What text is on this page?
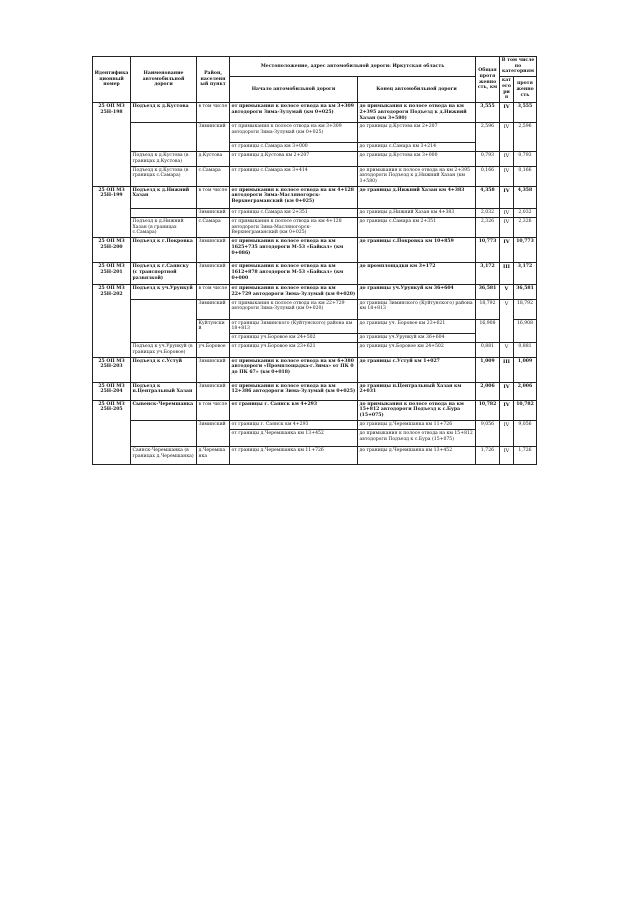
Идентифика ционный номер	Наименование автомобильной дороги	Район, населенный пункт	Местоположение, адрес автомобильной дороги: Иркутская область		Общая протяженно сть, км	В том числе по категориям	
			Начало автомобильной дороги	Конец автомобильной дороги		категори я	протяженно сть
25 ОП МЗ 25Н-198	Подъезд к д.Кустова	в том числе	от примыкания к полосе отвода на км 3+309 автодороги Зима-Зулумай (км 0+025)	до примыкания к полосе отвода на км 2+395 автодороги Подъезд к д.Нижний Хазан (км 3+580)	3,555	IV	3,555
		Зиминский	от примыкания к полосе отвода на км 3+309 автодороги Зима-Зулумай (км 0+025)	до границы д.Кустова км 2+207	2,596	IV	2,596
			от границы с.Самара км 3+000	до границы с.Самара км 3+214			
	Подъезд к д.Кустова (в границах д.Кустова)	д.Кустова	от границы д.Кустова км 2+207	до границы д.Кустова км 3+000	0,793	IV	0,793
	Подъезд к д.Кустова (в границах с.Самара)	с.Самара	от границы с.Самара км 3+414	до примыкания к полосе отвода на км 2+395 автодороги Подъезд к д.Нижний Хазан (км 3+580)	0,166	IV	0,166
25 ОП МЗ 25Н-199	Подъезд к д.Нижний Хазан	в том числе	от примыкания к полосе отвода на км 4+128 автодороги Зима-Масляногорск-Верхнеграманский (км 0+025)	до границы д.Нижний Хазан км 4+383	4,358	IV	4,358
		Зиминский	от границы с.Самара км 2+351	до границы д.Нижний Хазан км 4+383	2,032	IV	2,032
	Подъезд к д.Нижний Хазан (в границах с.Самара)	с.Самара	от примыкания к полосе отвода на км 4+128 автодороги Зима-Масляногорск-Верхнеграманский (км 0+025)	до границы с.Самара км 2+351	2,326	IV	2,326
25 ОП МЗ 25Н-200	Подъезд к г.Покровка	Зиминский	от примыкания к полосе отвода на км 1625+735 автодороги М-53 «Байкал» (км 0+086)	до границы с.Покровка км 10+859	10,773	IV	10,773
25 ОП МЗ 25Н-201	Подъезд к г.Саянску (с транспортной развязкой)	Зиминский	от примыкания к полосе отвода на км 1612+878 автодороги М-53 «Байкал» (км 0+000	до промплощадки км 3+172	3,172	III	3,172
25 ОП МЗ 25Н-202	Подъезд к уч.Урункуй	в том числе	от примыкания к полосе отвода на км 22+729 автодороги Зима-Зулумай (км 0+020)	до границы уч.Урункуй км 36+604	36,581	V	36,581
		Зиминский	от примыкания к полосе отвода на км 22+729 автодороги Зима-Зулумай (км 0+020)	до границы Зиминского (Куйтунского) района км 18+813	18,792	V	18,792
		Куйтунский	от границы Зиминского (Куйтунского) района км 18+813	до границы уч. Боровое км 23+621	16,908		16,908
			от границы уч.Боровое км 24+502	до границы уч.Урункуй км 36+604			
	Подъезд к уч.Урункуй (в границах уч.Боровое)	уч.Боровое	от границы уч.Боровое км 23+621	до границы уч.Боровое км 24+502	0,881	V	0,881
25 ОП МЗ 25Н-203	Подъезд к с.Устуй	Зиминский	от примыкания к полосе отвода на км 6+380 автодороги «Промплощадка-г.Зима» от ПК 0 до ПК 67» (км 0+018)	до границы с.Устуй км 1+027	1,009	III	1,009
25 ОП МЗ 25Н-204	Подъезд к п.Центральный Хазан	Зиминский	от примыкания к полосе отвода на км 12+386 автодороги Зима-Зулумай (км 0+025)	до границы п.Центральный Хазан км 2+031	2,006	IV	2,006
25 ОП МЗ 25Н-205	Сывенск-Черемшанка	в том числе	от границы г. Саянск км 4+293	до примыкания к полосе отвода на км 15+812 автодороги Подъезд к с.Бура (15+075)	10,782	IV	10,782
		Зиминский	от границы г. Саянск км 4+293	до границы д.Черемшанка км 11+726	9,056	IV	9,056
			от границы д.Черемшанка км 13+452	до примыкания к полосе отвода на км 15+812 автодороги Подъезд к с.Бура (15+075)			
	Саянск-Черемшанка (в границах д.Черемшанка)	д.Черемшанка	от границы д.Черемшанка км 11+726	до границы д.Черемшанка км 13+452	1,726	IV	1,726
